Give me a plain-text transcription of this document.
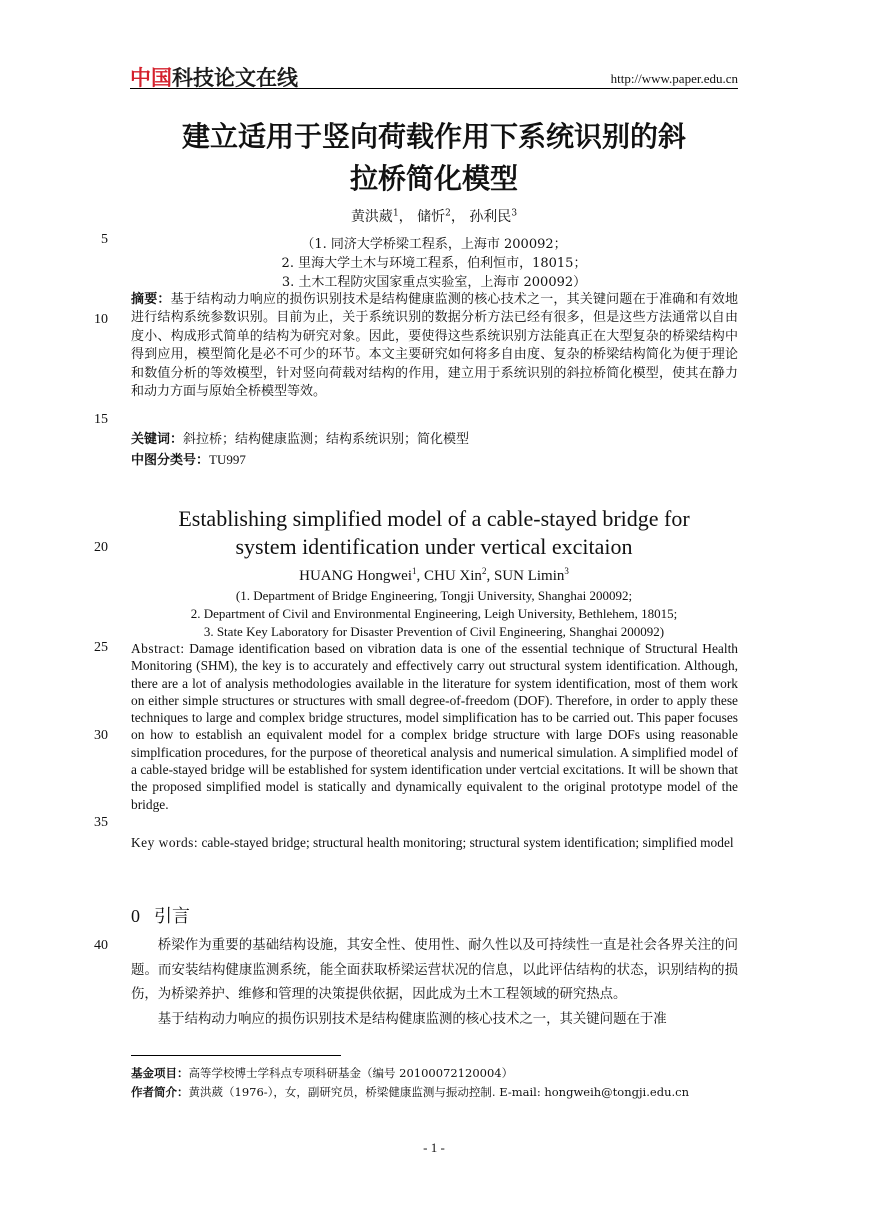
中国科技论文在线	http://www.paper.edu.cn
5
10
15
20
25
30
35
40
建立适用于竖向荷载作用下系统识别的斜
拉桥简化模型
黄洪葳$^1$， 储忻$^2$， 孙利民$^3$
（1. 同济大学桥梁工程系，上海市 200092；
2. 里海大学土木与环境工程系，伯利恒市，18015；
3. 土木工程防灾国家重点实验室，上海市 200092）
摘要：基于结构动力响应的损伤识别技术是结构健康监测的核心技术之一，其关键问题在于准确和有效地进行结构系统参数识别。目前为止，关于系统识别的数据分析方法已经有很多，但是这些方法通常以自由度小、构成形式简单的结构为研究对象。因此，要使得这些系统识别方法能真正在大型复杂的桥梁结构中得到应用，模型简化是必不可少的环节。本文主要研究如何将多自由度、复杂的桥梁结构简化为便于理论和数值分析的等效模型，针对竖向荷载对结构的作用，建立用于系统识别的斜拉桥简化模型，使其在静力和动力方面与原始全桥模型等效。
关键词：斜拉桥；结构健康监测；结构系统识别；简化模型
中图分类号：TU997
Establishing simplified model of a cable-stayed bridge for
system identification under vertical excitaion
HUANG Hongwei$^1$, CHU Xin$^2$, SUN Limin$^3$
(1. Department of Bridge Engineering, Tongji University, Shanghai 200092;
2. Department of Civil and Environmental Engineering, Leigh University, Bethlehem, 18015;
3. State Key Laboratory for Disaster Prevention of Civil Engineering, Shanghai 200092)
Abstract: Damage identification based on vibration data is one of the essential technique of Structural Health Monitoring (SHM), the key is to accurately and effectively carry out structural system identification. Although, there are a lot of analysis methodologies available in the literature for system identification, most of them work on either simple structures or structures with small degree-of-freedom (DOF). Therefore, in order to apply these techniques to large and complex bridge structures, model simplification has to be carried out. This paper focuses on how to establish an equivalent model for a complex bridge structure with large DOFs using reasonable simplfication procedures, for the purpose of theoretical analysis and numerical simulation. A simplified model of a cable-stayed bridge will be established for system identification under vertcial excitations. It will be shown that the proposed simplified model is statically and dynamically equivalent to the original prototype model of the bridge.
Key words: cable-stayed bridge; structural health monitoring; structural system identification; simplified model
0 引言

桥梁作为重要的基础结构设施，其安全性、使用性、耐久性以及可持续性一直是社会各界关注的问题。而安装结构健康监测系统，能全面获取桥梁运营状况的信息，以此评估结构的状态，识别结构的损伤，为桥梁养护、维修和管理的决策提供依据，因此成为土木工程领域的研究热点。

基于结构动力响应的损伤识别技术是结构健康监测的核心技术之一，其关键问题在于准

基金项目：高等学校博士学科点专项科研基金（编号 20100072120004）
作者简介：黄洪葳（1976-），女，副研究员，桥梁健康监测与振动控制. E-mail: hongweih@tongji.edu.cn
- 1 -
